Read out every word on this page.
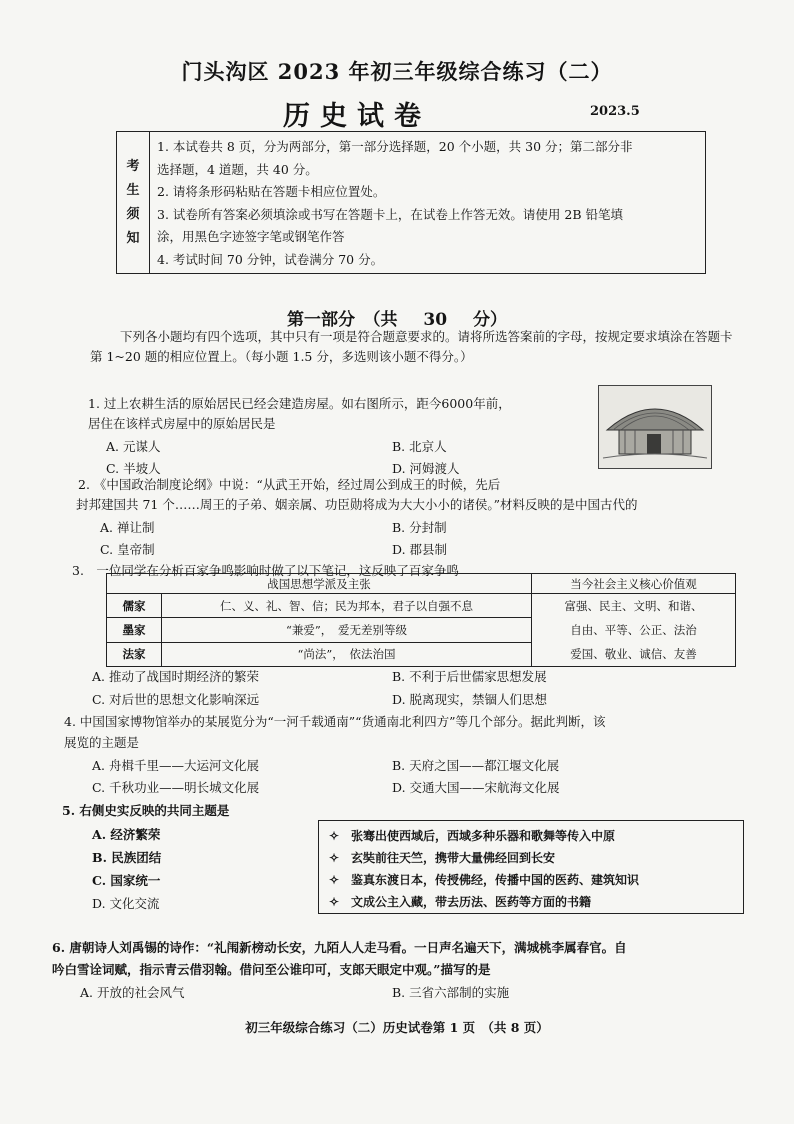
门头沟区 2023 年初三年级综合练习（二）
历史试卷	2023.5
考
生
须
知
1. 本试卷共 8 页，分为两部分，第一部分选择题，20 个小题，共 30 分；第二部分非
选择题，4 道题，共 40 分。
2. 请将条形码粘贴在答题卡相应位置处。
3. 试卷所有答案必须填涂或书写在答题卡上，在试卷上作答无效。请使用 2B 铅笔填
涂，用黑色字迹签字笔或钢笔作答
4. 考试时间 70 分钟，试卷满分 70 分。
第一部分　（共 30 分）
下列各小题均有四个选项，其中只有一项是符合题意要求的。请将所选答案前的字母，按规定要求填涂在答题卡第 1~20 题的相应位置上。（每小题 1.5 分，多选则该小题不得分。）
1. 过上农耕生活的原始居民已经会建造房屋。如右图所示，距今6000年前，
居住在该样式房屋中的原始居民是
A. 元谋人	B. 北京人
C. 半坡人	D. 河姆渡人
2. 《中国政治制度论纲》中说：“从武王开始，经过周公到成王的时候，先后
封邦建国共 71 个……周王的子弟、姻亲属、功臣勋将成为大大小小的诸侯。”材料反映的是中国古代的
A. 禅让制	B. 分封制
C. 皇帝制	D. 郡县制
3.　一位同学在分析百家争鸣影响时做了以下笔记，这反映了百家争鸣
战国思想学派及主张		当今社会主义核心价值观
儒家	仁、义、礼、智、信；民为邦本，君子以自强不息	富强、民主、文明、和谐、
自由、平等、公正、法治
爱国、敬业、诚信、友善

墨家	“兼爱”，　爱无差别等级	
法家	“尚法”，　依法治国	
A. 推动了战国时期经济的繁荣	B. 不利于后世儒家思想发展
C. 对后世的思想文化影响深远	D. 脱离现实，禁锢人们思想
4. 中国国家博物馆举办的某展览分为“一河千载通南”“货通南北利四方”等几个部分。据此判断，该
展览的主题是
A. 舟楫千里——大运河文化展	B. 天府之国——都江堰文化展
C. 千秋功业——明长城文化展	D. 交通大国——宋航海文化展
5. 右侧史实反映的共同主题是
A. 经济繁荣
B. 民族团结
C. 国家统一
D. 文化交流
✧　张骞出使西域后，西域多种乐器和歌舞等传入中原
✧　玄奘前往天竺，携带大量佛经回到长安
✧　鉴真东渡日本，传授佛经，传播中国的医药、建筑知识
✧　文成公主入藏，带去历法、医药等方面的书籍
6. 唐朝诗人刘禹锡的诗作：“礼闱新榜动长安，九陌人人走马看。一日声名遍天下，满城桃李属春官。自
吟白雪诠词赋，指示青云借羽翰。借问至公谁印可，支郎天眼定中观。”描写的是
A. 开放的社会风气	B. 三省六部制的实施
初三年级综合练习（二）历史试卷第 1 页　（共 8 页）
